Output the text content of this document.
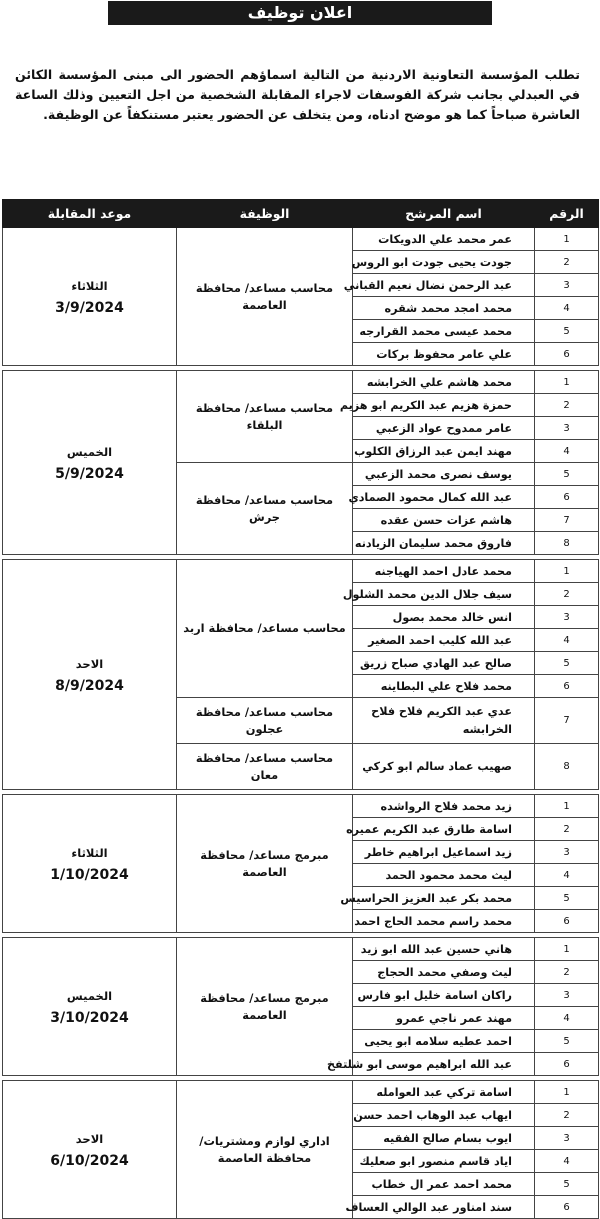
اعلان توظيف

تطلب المؤسسة التعاونية الاردنية من التالية اسماؤهم الحضور الى مبنى المؤسسة الكائن في العبدلي بجانب شركة الفوسفات لاجراء المقابلة الشخصية من اجل التعيين وذلك الساعة العاشرة صباحاً كما هو موضح ادناه، ومن يتخلف عن الحضور يعتبر مستنكفاً عن الوظيفة.

الرقم	اسم المرشح	الوظيفة	موعد المقابلة
1	عمر محمد علي الدويكات	محاسب مساعد/ محافظة العاصمة	الثلاثاء
3/9/2024

2	جودت يحيى جودت ابو الروس		
3	عبد الرحمن نضال نعيم القباني		
4	محمد امجد محمد شقره		
5	محمد عيسى محمد القرارجه		
6	علي عامر محفوظ بركات		

1	محمد هاشم علي الخرابشه	محاسب مساعد/ محافظة البلقاء	الخميس
5/9/2024

2	حمزة هزيم عبد الكريم ابو هزيم		
3	عامر ممدوح عواد الزعبي		
4	مهند ايمن عبد الرزاق الكلوب		
5	يوسف نصرى محمد الزعبي	محاسب مساعد/ محافظة جرش	
6	عبد الله كمال محمود الصمادي		
7	هاشم عزات حسن عقده		
8	فاروق محمد سليمان الزيادنه		

1	محمد عادل احمد الهياجنه	محاسب مساعد/ محافظة اربد	الاحد
8/9/2024

2	سيف جلال الدين محمد الشلول		
3	انس خالد محمد بصول		
4	عبد الله كليب احمد الصغير		
5	صالح عبد الهادي صباح زريق		
6	محمد فلاح علي البطاينه		
7	عدي عبد الكريم فلاح فلاح الخرابشه	محاسب مساعد/ محافظة عجلون	
8	صهيب عماد سالم ابو كركي	محاسب مساعد/ محافظة معان	

1	زيد محمد فلاح الرواشده	مبرمج مساعد/ محافظة العاصمة	الثلاثاء
1/10/2024

2	اسامة طارق عبد الكريم عميره		
3	زيد اسماعيل ابراهيم خاطر		
4	ليث محمد محمود الحمد		
5	محمد بكر عبد العزيز الحراسيس		
6	محمد راسم محمد الحاج احمد		

1	هاني حسين عبد الله ابو زيد	مبرمج مساعد/ محافظة العاصمة	الخميس
3/10/2024

2	ليث وصفي محمد الحجاج		
3	راكان اسامة خليل ابو فارس		
4	مهند عمر ناجي عمرو		
5	احمد عطيه سلامه ابو يحيى		
6	عبد الله ابراهيم موسى ابو شلتفخ		

1	اسامة تركي عبد العوامله	اداري لوازم ومشتريات/ محافظة العاصمة	الاحد
6/10/2024

2	ايهاب عبد الوهاب احمد حسن		
3	ايوب بسام صالح الفقيه		
4	اياد قاسم منصور ابو صعليك		
5	محمد احمد عمر ال خطاب		
6	سند امناور عبد الوالي العساف		
